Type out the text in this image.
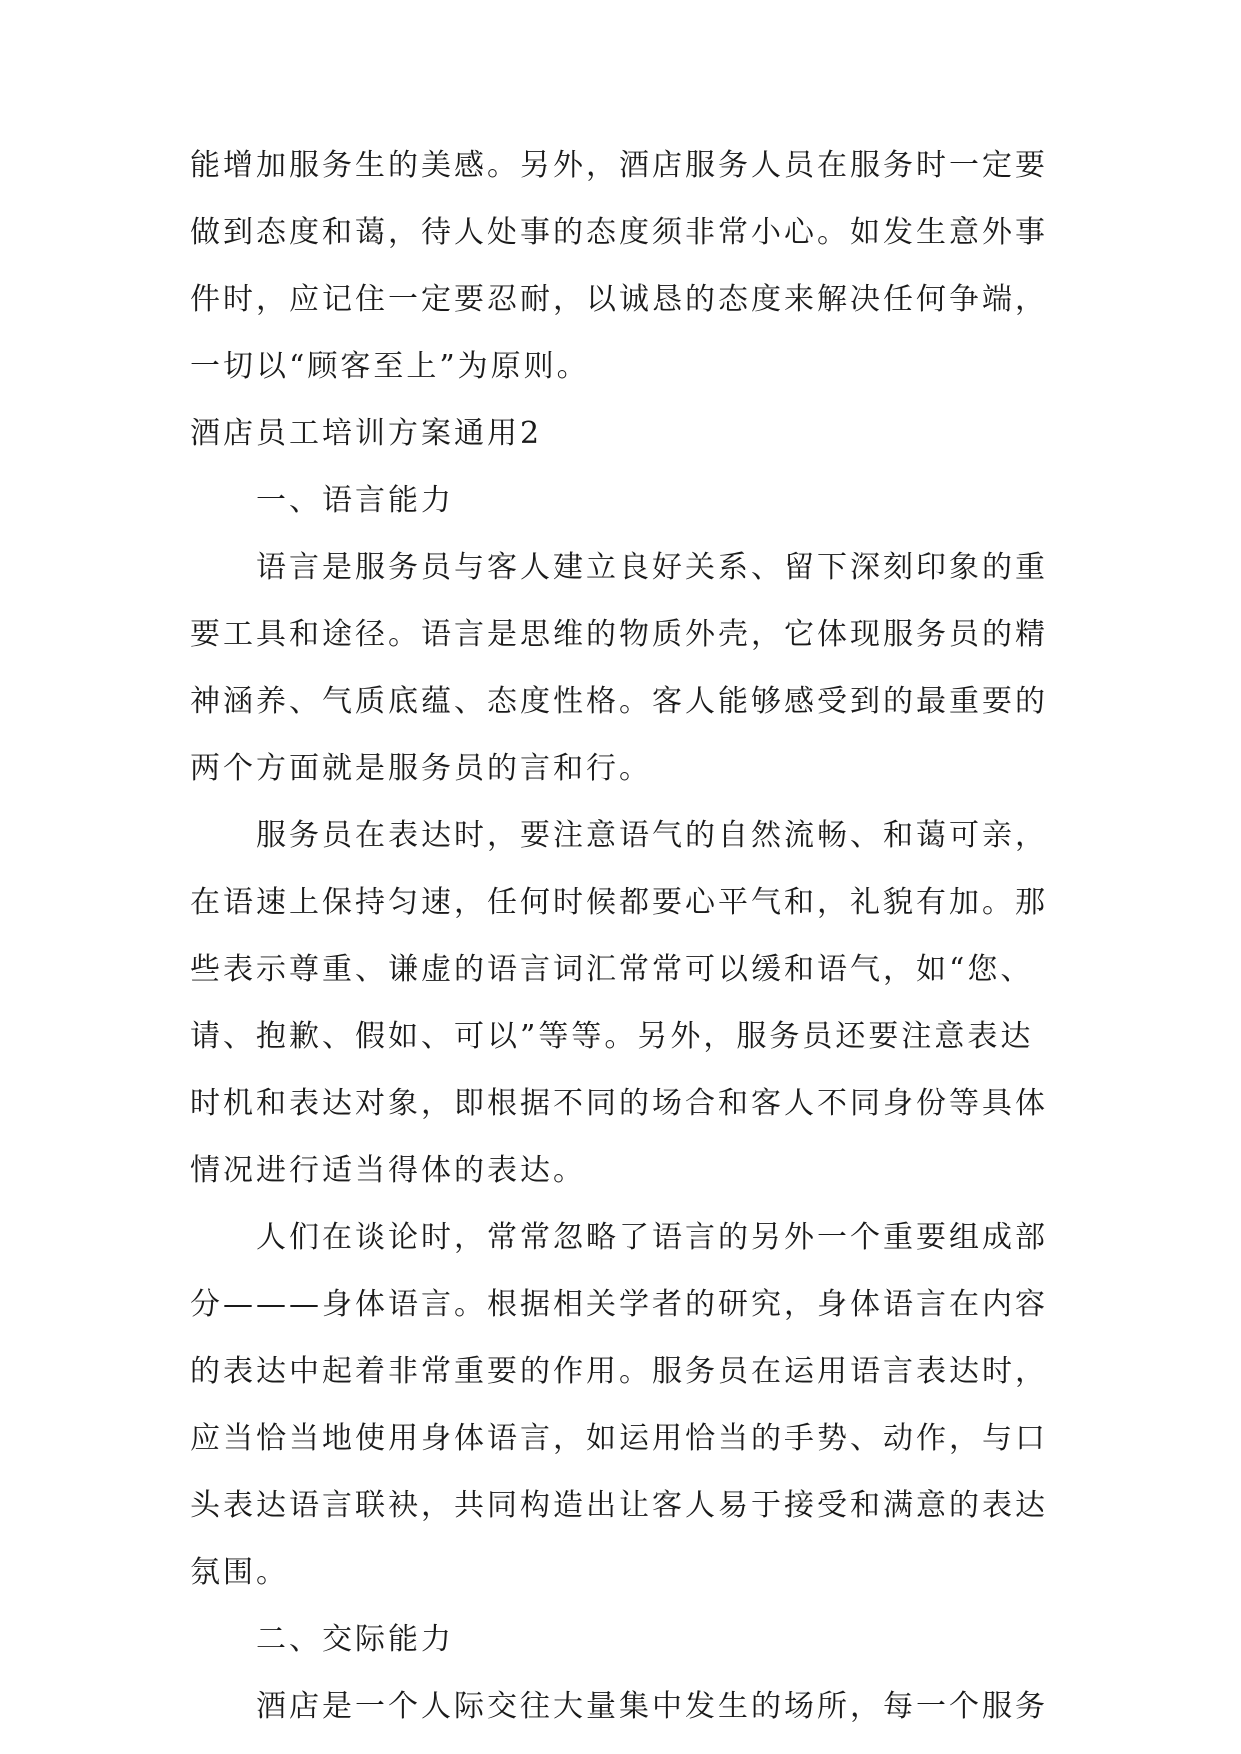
能增加服务生的美感。另外，酒店服务人员在服务时一定要
做到态度和蔼，待人处事的态度须非常小心。如发生意外事
件时，应记住一定要忍耐，以诚恳的态度来解决任何争端，
一切以“顾客至上”为原则。
酒店员工培训方案通用2
一、语言能力
语言是服务员与客人建立良好关系、留下深刻印象的重
要工具和途径。语言是思维的物质外壳，它体现服务员的精
神涵养、气质底蕴、态度性格。客人能够感受到的最重要的
两个方面就是服务员的言和行。
服务员在表达时，要注意语气的自然流畅、和蔼可亲，
在语速上保持匀速，任何时候都要心平气和，礼貌有加。那
些表示尊重、谦虚的语言词汇常常可以缓和语气，如“您、
请、抱歉、假如、可以”等等。另外，服务员还要注意表达
时机和表达对象，即根据不同的场合和客人不同身份等具体
情况进行适当得体的表达。
人们在谈论时，常常忽略了语言的另外一个重要组成部
分———身体语言。根据相关学者的研究，身体语言在内容
的表达中起着非常重要的作用。服务员在运用语言表达时，
应当恰当地使用身体语言，如运用恰当的手势、动作，与口
头表达语言联袂，共同构造出让客人易于接受和满意的表达
氛围。
二、交际能力
酒店是一个人际交往大量集中发生的场所，每一个服务
